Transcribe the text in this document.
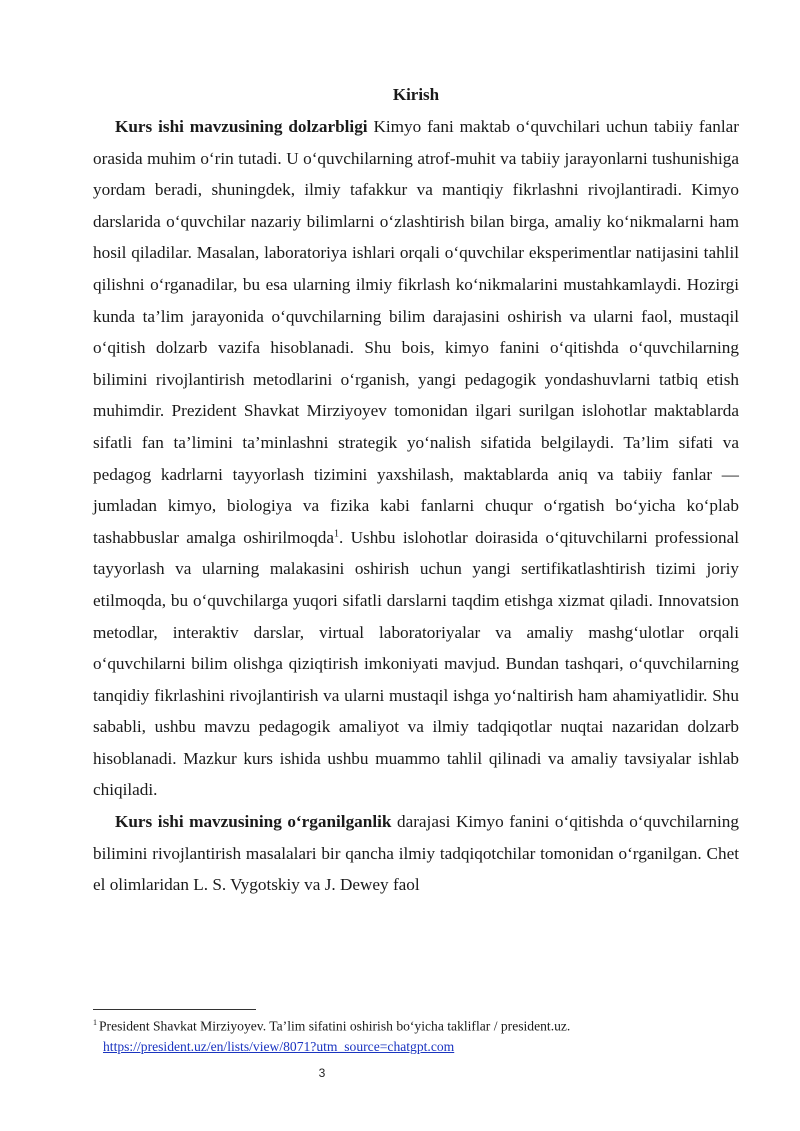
Kirish

Kurs ishi mavzusining dolzarbligi Kimyo fani maktab o‘quvchilari uchun tabiiy fanlar orasida muhim o‘rin tutadi. U o‘quvchilarning atrof-muhit va tabiiy jarayonlarni tushunishiga yordam beradi, shuningdek, ilmiy tafakkur va mantiqiy fikrlashni rivojlantiradi. Kimyo darslarida o‘quvchilar nazariy bilimlarni o‘zlashtirish bilan birga, amaliy ko‘nikmalarni ham hosil qiladilar. Masalan, laboratoriya ishlari orqali o‘quvchilar eksperimentlar natijasini tahlil qilishni o‘rganadilar, bu esa ularning ilmiy fikrlash ko‘nikmalarini mustahkamlaydi. Hozirgi kunda ta’lim jarayonida o‘quvchilarning bilim darajasini oshirish va ularni faol, mustaqil o‘qitish dolzarb vazifa hisoblanadi. Shu bois, kimyo fanini o‘qitishda o‘quvchilarning bilimini rivojlantirish metodlarini o‘rganish, yangi pedagogik yondashuvlarni tatbiq etish muhimdir. Prezident Shavkat Mirziyoyev tomonidan ilgari surilgan islohotlar maktablarda sifatli fan ta’limini ta’minlashni strategik yo‘nalish sifatida belgilaydi. Ta’lim sifati va pedagog kadrlarni tayyorlash tizimini yaxshilash, maktablarda aniq va tabiiy fanlar — jumladan kimyo, biologiya va fizika kabi fanlarni chuqur o‘rgatish bo‘yicha ko‘plab tashabbuslar amalga oshirilmoqda$^1$. Ushbu islohotlar doirasida o‘qituvchilarni professional tayyorlash va ularning malakasini oshirish uchun yangi sertifikatlashtirish tizimi joriy etilmoqda, bu o‘quvchilarga yuqori sifatli darslarni taqdim etishga xizmat qiladi. Innovatsion metodlar, interaktiv darslar, virtual laboratoriyalar va amaliy mashg‘ulotlar orqali o‘quvchilarni bilim olishga qiziqtirish imkoniyati mavjud. Bundan tashqari, o‘quvchilarning tanqidiy fikrlashini rivojlantirish va ularni mustaqil ishga yo‘naltirish ham ahamiyatlidir. Shu sababli, ushbu mavzu pedagogik amaliyot va ilmiy tadqiqotlar nuqtai nazaridan dolzarb hisoblanadi. Mazkur kurs ishida ushbu muammo tahlil qilinadi va amaliy tavsiyalar ishlab chiqiladi.

Kurs ishi mavzusining o‘rganilganlik darajasi Kimyo fanini o‘qitishda o‘quvchilarning bilimini rivojlantirish masalalari bir qancha ilmiy tadqiqotchilar tomonidan o‘rganilgan. Chet el olimlaridan L. S. Vygotskiy va J. Dewey faol

$^1$ President Shavkat Mirziyoyev. Ta’lim sifatini oshirish bo‘yicha takliflar / president.uz.
https://president.uz/en/lists/view/8071?utm_source=chatgpt.com
3
